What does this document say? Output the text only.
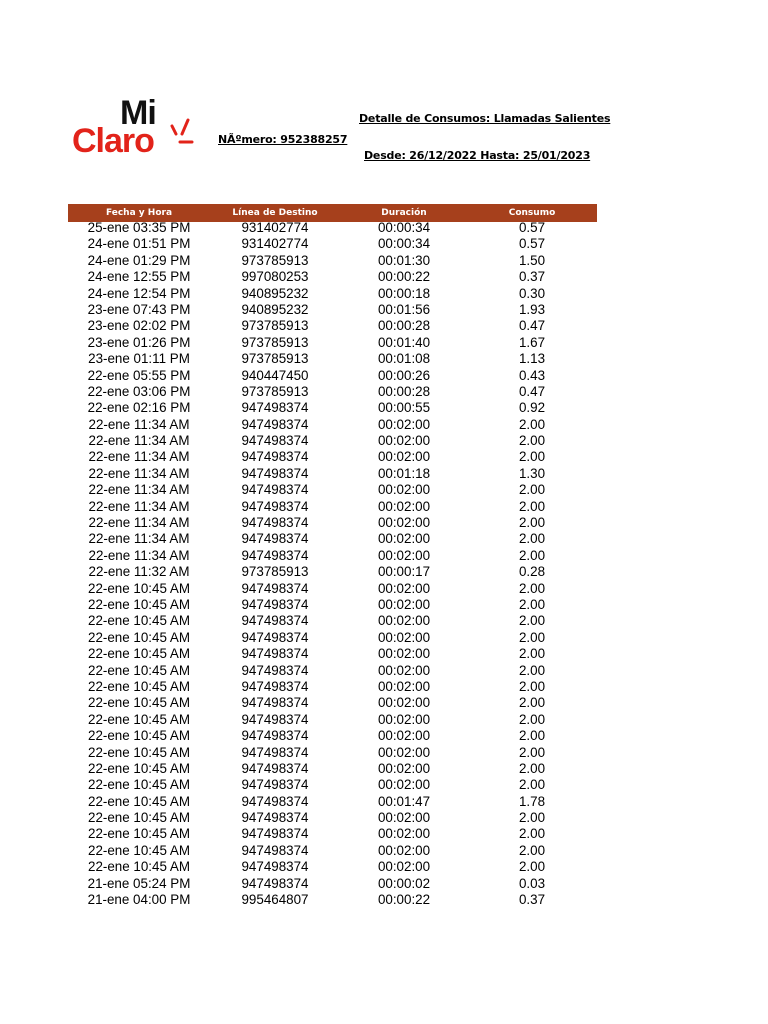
Mi
Claro
Detalle de Consumos: Llamadas Salientes
NÃºmero: 952388257
Desde: 26/12/2022 Hasta: 25/01/2023
Fecha y Hora	Línea de Destino	Duración	Consumo
25-ene 03:35 PM	931402774	00:00:34	0.57
24-ene 01:51 PM	931402774	00:00:34	0.57
24-ene 01:29 PM	973785913	00:01:30	1.50
24-ene 12:55 PM	997080253	00:00:22	0.37
24-ene 12:54 PM	940895232	00:00:18	0.30
23-ene 07:43 PM	940895232	00:01:56	1.93
23-ene 02:02 PM	973785913	00:00:28	0.47
23-ene 01:26 PM	973785913	00:01:40	1.67
23-ene 01:11 PM	973785913	00:01:08	1.13
22-ene 05:55 PM	940447450	00:00:26	0.43
22-ene 03:06 PM	973785913	00:00:28	0.47
22-ene 02:16 PM	947498374	00:00:55	0.92
22-ene 11:34 AM	947498374	00:02:00	2.00
22-ene 11:34 AM	947498374	00:02:00	2.00
22-ene 11:34 AM	947498374	00:02:00	2.00
22-ene 11:34 AM	947498374	00:01:18	1.30
22-ene 11:34 AM	947498374	00:02:00	2.00
22-ene 11:34 AM	947498374	00:02:00	2.00
22-ene 11:34 AM	947498374	00:02:00	2.00
22-ene 11:34 AM	947498374	00:02:00	2.00
22-ene 11:34 AM	947498374	00:02:00	2.00
22-ene 11:32 AM	973785913	00:00:17	0.28
22-ene 10:45 AM	947498374	00:02:00	2.00
22-ene 10:45 AM	947498374	00:02:00	2.00
22-ene 10:45 AM	947498374	00:02:00	2.00
22-ene 10:45 AM	947498374	00:02:00	2.00
22-ene 10:45 AM	947498374	00:02:00	2.00
22-ene 10:45 AM	947498374	00:02:00	2.00
22-ene 10:45 AM	947498374	00:02:00	2.00
22-ene 10:45 AM	947498374	00:02:00	2.00
22-ene 10:45 AM	947498374	00:02:00	2.00
22-ene 10:45 AM	947498374	00:02:00	2.00
22-ene 10:45 AM	947498374	00:02:00	2.00
22-ene 10:45 AM	947498374	00:02:00	2.00
22-ene 10:45 AM	947498374	00:02:00	2.00
22-ene 10:45 AM	947498374	00:01:47	1.78
22-ene 10:45 AM	947498374	00:02:00	2.00
22-ene 10:45 AM	947498374	00:02:00	2.00
22-ene 10:45 AM	947498374	00:02:00	2.00
22-ene 10:45 AM	947498374	00:02:00	2.00
21-ene 05:24 PM	947498374	00:00:02	0.03
21-ene 04:00 PM	995464807	00:00:22	0.37
